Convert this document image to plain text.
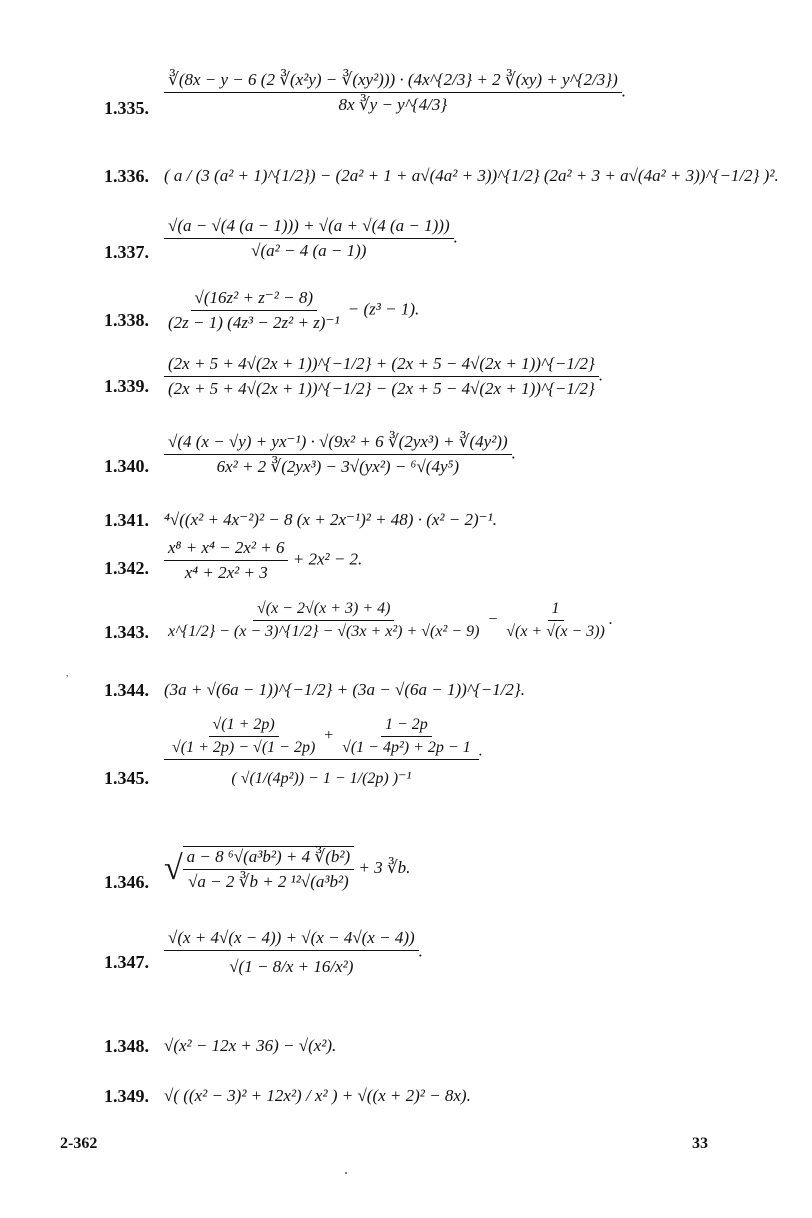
1.335.
∛(8x − y − 6 (2 ∛(x²y) − ∛(xy²))) · (4x^{2/3} + 2 ∛(xy) + y^{2/3})
8x ∛y − y^{4/3}
.
1.336. ( a / (3 (a² + 1)^{1/2}) − (2a² + 1 + a√(4a² + 3))^{1/2} (2a² + 3 + a√(4a² + 3))^{−1/2} )².
1.337. $\frac{√(a - √(4 (a - 1))) + √(a + √(4 (a - 1)))}{\text{√(a² − 4 (a − 1))}}$ .
1.338. $\frac{\text{√(16z² + z⁻² − 8)}}{\text{(2z − 1) (4z³ − 2z² + z)⁻¹}} - (z^3 - 1)$.
1.339. $\frac{(2x + 5 + 4√(2x + 1))\^{}\{-1/2\} + (2x + 5 - 4√(2x + 1))\^{}\{-1/2\}}{(2x + 5 + 4√(2x + 1))\^{}\{-1/2\} - (2x + 5 - 4√(2x + 1))\^{}\{-1/2\}}$ .
1.340. $\frac{\text{√(4 (x − √y) + yx⁻¹) · √(9x² + 6 ∛(2yx³) + ∛(4y²))}}{\text{6x² + 2 ∛(2yx³) − 3√(yx²) − ⁶√(4y⁵)}}$ .
1.341. ⁴√((x² + 4x⁻²)² − 8 (x + 2x⁻¹)² + 48) · (x² − 2)⁻¹.
1.342. $\frac{\text{x⁸ + x⁴ − 2x² + 6}}{\text{x⁴ + 2x² + 3}} + 2x^2 - 2$.
1.343. $\frac{√(x - 2√(x + 3) + 4)}{\text{x\textasciicircum{}\{1/2\} − (x − 3)\textasciicircum{}\{1/2\} − √(3x + x²) + √(x² − 9)}} - \frac{1}{√(x + √(x - 3))}$ .
1.344. (3a + √(6a − 1))^{−1/2} + (3a − √(6a − 1))^{−1/2}.
1.345.
$\frac{√(1 + 2p)}{√(1 + 2p) - √(1 - 2p)} + \frac{1 - 2p}{\text{√(1 − 4p²) + 2p − 1}}$
( √(1/(4p²)) − 1 − 1/(2p) )⁻¹
.
1.346. √ $\frac{\text{a − 8 ⁶√(a³b²) + 4 ∛(b²)}}{\text{√a − 2 ∛b + 2 ¹²√(a³b²)}} + 3$ ∛b.
1.347. $\frac{√(x + 4√(x - 4)) + √(x - 4√(x - 4))}{\text{√(1 − 8/x + 16/x²)}}$ .
1.348. √(x² − 12x + 36) − √(x²).
1.349. √( ((x² − 3)² + 12x²) / x² ) + √((x + 2)² − 8x).
2-362	33
,
